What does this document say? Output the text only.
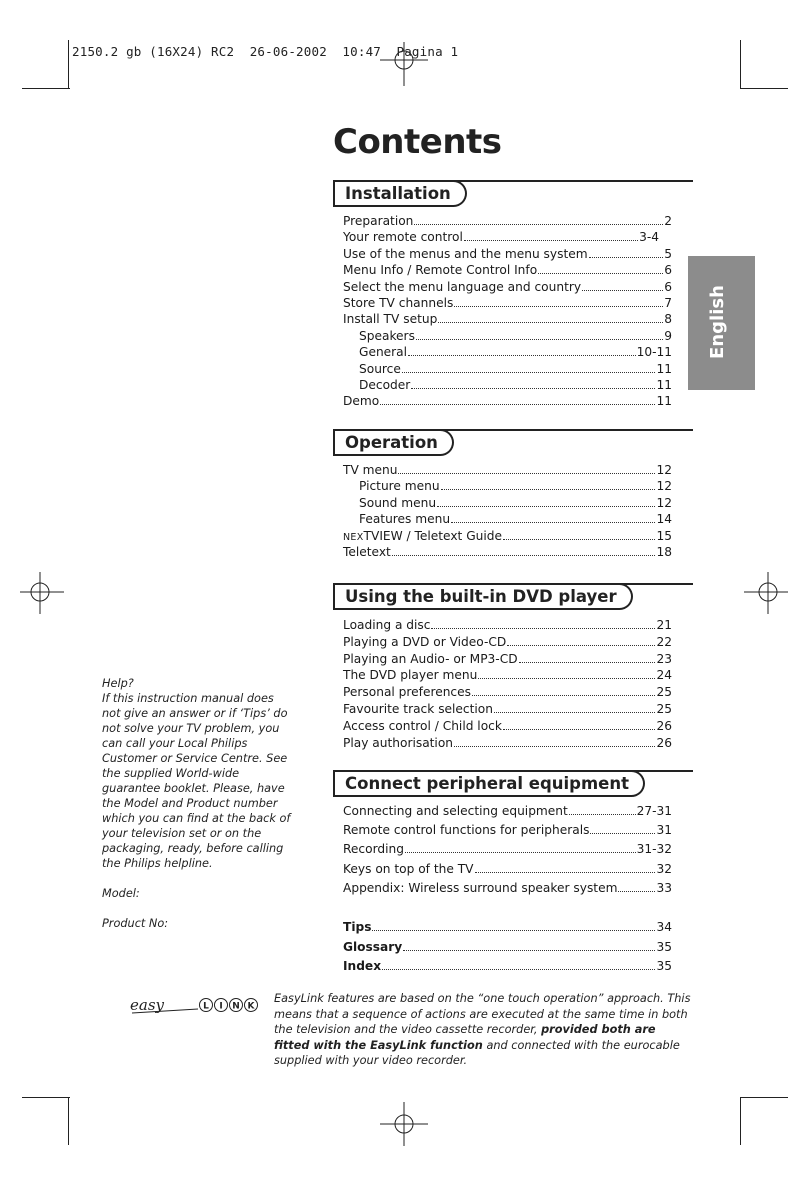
2150.2 gb (16X24) RC2  26-06-2002  10:47  Pagina 1
Contents
English
Installation
Preparation	2
Your remote control	3-4
Use of the menus and the menu system	5
Menu Info / Remote Control Info	6
Select the menu language and country	6
Store TV channels	7
Install TV setup	8
Speakers	9
General	10-11
Source	11
Decoder	11
Demo	11
Operation
TV menu	12
Picture menu	12
Sound menu	12
Features menu	14
NEXTVIEW / Teletext Guide	15
Teletext	18
Using the built-in DVD player
Loading a disc	21
Playing a DVD or Video-CD	22
Playing an Audio- or MP3-CD	23
The DVD player menu	24
Personal preferences	25
Favourite track selection	25
Access control / Child lock	26
Play authorisation	26
Connect peripheral equipment
Connecting and selecting equipment	27-31
Remote control functions for peripherals	31
Recording	31-32
Keys on top of the TV	32
Appendix: Wireless surround speaker system	33
Tips	34
Glossary	35
Index	35

Help?

If this instruction manual does not give an answer or if ‘Tips’ do not solve your TV problem, you can call your Local Philips Customer or Service Centre. See the supplied World-wide guarantee booklet. Please, have the Model and Product number which you can find at the back of your television set or on the packaging, ready, before calling the Philips helpline.

Model:

Product No:

easy	L I N K
EasyLink features are based on the “one touch operation” approach. This means that a sequence of actions are executed at the same time in both the television and the video cassette recorder, provided both are fitted with the EasyLink function and connected with the eurocable supplied with your video recorder.
